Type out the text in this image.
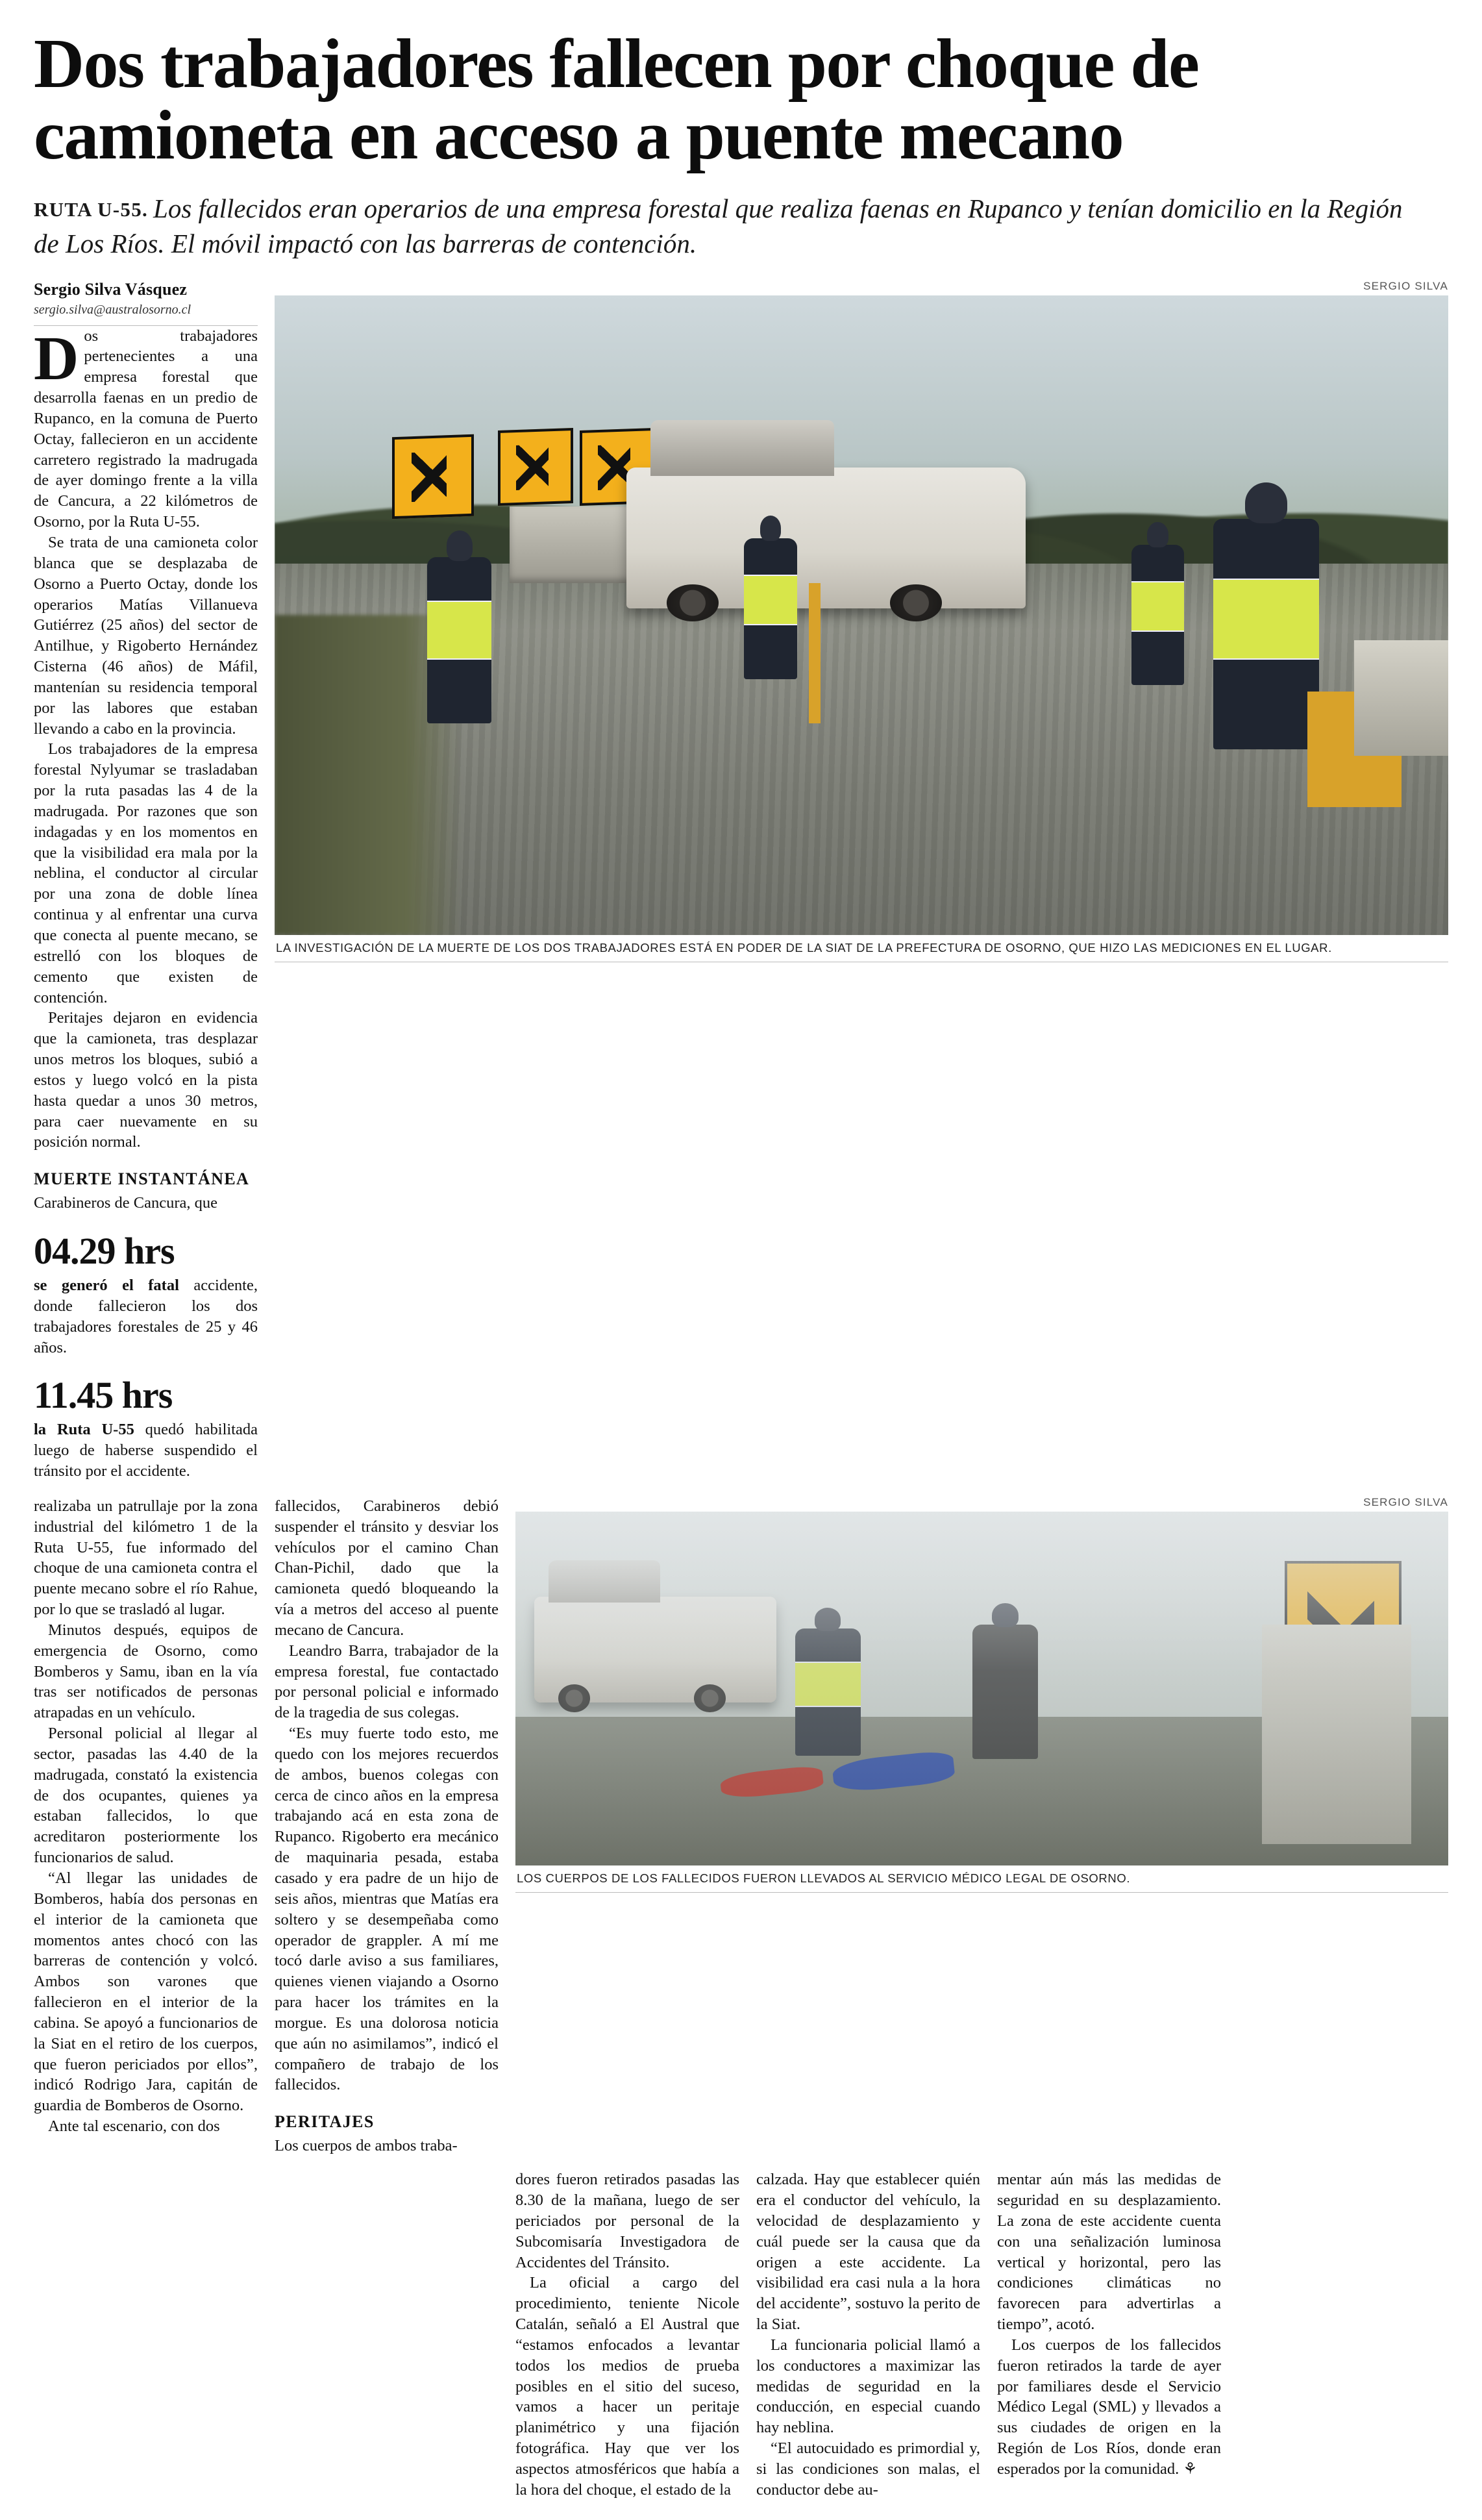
Dos trabajadores fallecen por choque de
camioneta en acceso a puente mecano
RUTA U-55. Los fallecidos eran operarios de una empresa forestal que realiza faenas en Rupanco y tenían domicilio en la Región de Los Ríos. El móvil impactó con las barreras de contención.
Sergio Silva Vásquez
sergio.silva@australosorno.cl

Dos trabajadores pertenecientes a una empresa forestal que desarrolla faenas en un predio de Rupanco, en la comuna de Puerto Octay, fallecieron en un accidente carretero registrado la madrugada de ayer domingo frente a la villa de Cancura, a 22 kilómetros de Osorno, por la Ruta U-55.

Se trata de una camioneta color blanca que se desplazaba de Osorno a Puerto Octay, donde los operarios Matías Villanueva Gutiérrez (25 años) del sector de Antilhue, y Rigoberto Hernández Cisterna (46 años) de Máfil, mantenían su residencia temporal por las labores que estaban llevando a cabo en la provincia.

Los trabajadores de la empresa forestal Nylyumar se trasladaban por la ruta pasadas las 4 de la madrugada. Por razones que son indagadas y en los momentos en que la visibilidad era mala por la neblina, el conductor al circular por una zona de doble línea continua y al enfrentar una curva que conecta al puente mecano, se estrelló con los bloques de cemento que existen de contención.

Peritajes dejaron en evidencia que la camioneta, tras desplazar unos metros los bloques, subió a estos y luego volcó en la pista hasta quedar a unos 30 metros, para caer nuevamente en su posición normal.

MUERTE INSTANTÁNEA

Carabineros de Cancura, que

04.29 hrs
se generó el fatal accidente, donde fallecieron los dos trabajadores forestales de 25 y 46 años.
11.45 hrs
la Ruta U-55 quedó habilitada luego de haberse suspendido el tránsito por el accidente.
SERGIO SILVA
LA INVESTIGACIÓN DE LA MUERTE DE LOS DOS TRABAJADORES ESTÁ EN PODER DE LA SIAT DE LA PREFECTURA DE OSORNO, QUE HIZO LAS MEDICIONES EN EL LUGAR.

realizaba un patrullaje por la zona industrial del kilómetro 1 de la Ruta U-55, fue informado del choque de una camioneta contra el puente mecano sobre el río Rahue, por lo que se trasladó al lugar.

Minutos después, equipos de emergencia de Osorno, como Bomberos y Samu, iban en la vía tras ser notificados de personas atrapadas en un vehículo.

Personal policial al llegar al sector, pasadas las 4.40 de la madrugada, constató la existencia de dos ocupantes, quienes ya estaban fallecidos, lo que acreditaron posteriormente los funcionarios de salud.

“Al llegar las unidades de Bomberos, había dos personas en el interior de la camioneta que momentos antes chocó con las barreras de contención y volcó. Ambos son varones que fallecieron en el interior de la cabina. Se apoyó a funcionarios de la Siat en el retiro de los cuerpos, que fueron periciados por ellos”, indicó Rodrigo Jara, capitán de guardia de Bomberos de Osorno.

Ante tal escenario, con dos

fallecidos, Carabineros debió suspender el tránsito y desviar los vehículos por el camino Chan Chan-Pichil, dado que la camioneta quedó bloqueando la vía a metros del acceso al puente mecano de Cancura.

Leandro Barra, trabajador de la empresa forestal, fue contactado por personal policial e informado de la tragedia de sus colegas.

“Es muy fuerte todo esto, me quedo con los mejores recuerdos de ambos, buenos colegas con cerca de cinco años en la empresa trabajando acá en esta zona de Rupanco. Rigoberto era mecánico de maquinaria pesada, estaba casado y era padre de un hijo de seis años, mientras que Matías era soltero y se desempeñaba como operador de grappler. A mí me tocó darle aviso a sus familiares, quienes vienen viajando a Osorno para hacer los trámites en la morgue. Es una dolorosa noticia que aún no asimilamos”, indicó el compañero de trabajo de los fallecidos.

PERITAJES

Los cuerpos de ambos traba-

SERGIO SILVA
LOS CUERPOS DE LOS FALLECIDOS FUERON LLEVADOS AL SERVICIO MÉDICO LEGAL DE OSORNO.

dores fueron retirados pasadas las 8.30 de la mañana, luego de ser periciados por personal de la Subcomisaría Investigadora de Accidentes del Tránsito.

La oficial a cargo del procedimiento, teniente Nicole Catalán, señaló a El Austral que “estamos enfocados a levantar todos los medios de prueba posibles en el sitio del suceso, vamos a hacer un peritaje planimétrico y una fijación fotográfica. Hay que ver los aspectos atmosféricos que había a la hora del choque, el estado de la

calzada. Hay que establecer quién era el conductor del vehículo, la velocidad de desplazamiento y cuál puede ser la causa que da origen a este accidente. La visibilidad era casi nula a la hora del accidente”, sostuvo la perito de la Siat.

La funcionaria policial llamó a los conductores a maximizar las medidas de seguridad en la conducción, en especial cuando hay neblina.

“El autocuidado es primordial y, si las condiciones son malas, el conductor debe au-

mentar aún más las medidas de seguridad en su desplazamiento. La zona de este accidente cuenta con una señalización luminosa vertical y horizontal, pero las condiciones climáticas no favorecen para advertirlas a tiempo”, acotó.

Los cuerpos de los fallecidos fueron retirados la tarde de ayer por familiares desde el Servicio Médico Legal (SML) y llevados a sus ciudades de origen en la Región de Los Ríos, donde eran esperados por la comunidad. ⚘
